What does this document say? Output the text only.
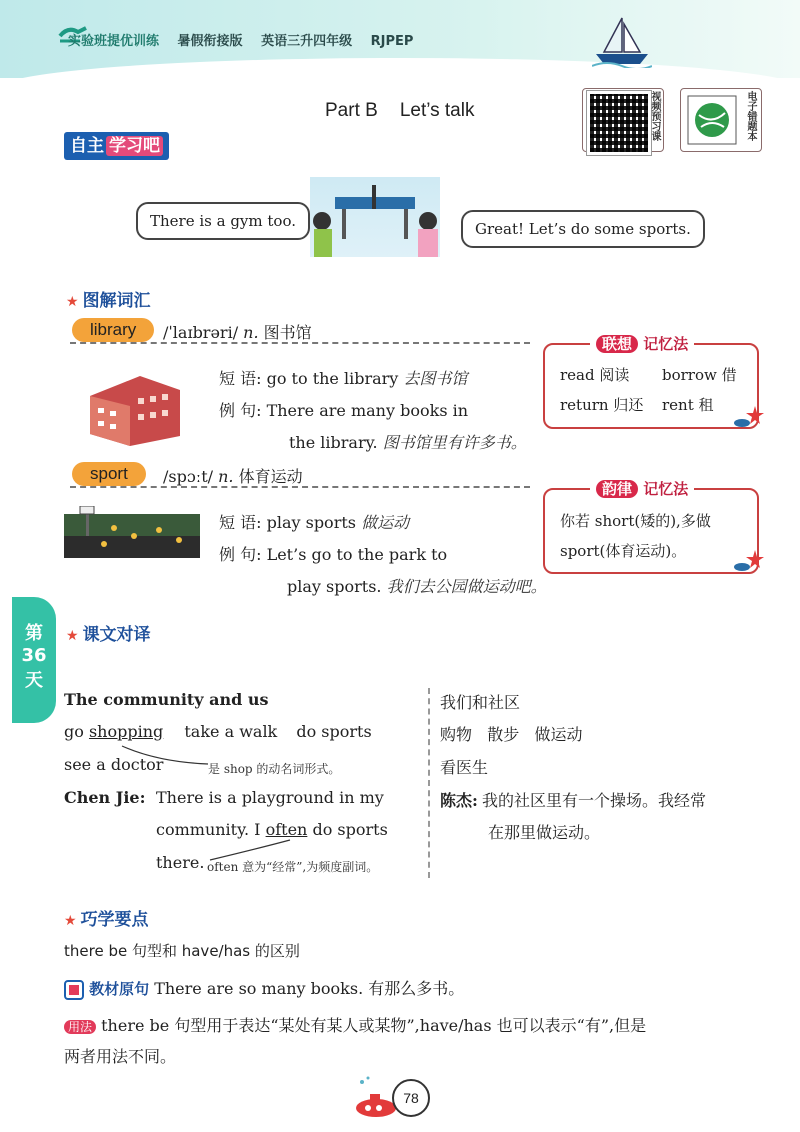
实验班提优训练 暑假衔接版 英语三升四年级 RJPEP
Part B Let’s talk	视频预习课	电子错题本
自主 学习吧
There is a gym too.	Great! Let’s do some sports.
★ 图解词汇
library	/ˈlaɪbrəri/ n. 图书馆
短 语: go to the library 去图书馆
例 句: There are many books in
the library. 图书馆里有许多书。
联想 记忆法
read 阅读 borrow 借
return 归还 rent 租
sport	/spɔːt/ n. 体育运动
短 语: play sports 做运动
例 句: Let’s go to the park to
play sports. 我们去公园做运动吧。
韵律 记忆法
你若 short(矮的),多做
sport(体育运动)。
第
36
天
★ 课文对译
The community and us	我们和社区
go shopping take a walk do sports	购物   散步   做运动
see a doctor	是 shop 的动名词形式。	看医生
Chen Jie: There is a playground in my
community. I often do sports
there. often 意为“经常”,为频度副词。
陈杰: 我的社区里有一个操场。我经常
在那里做运动。
★ 巧学要点
there be 句型和 have/has 的区别
教材原句 There are so many books. 有那么多书。
用法 there be 句型用于表达“某处有某人或某物”,have/has 也可以表示“有”,但是
两者用法不同。
78
